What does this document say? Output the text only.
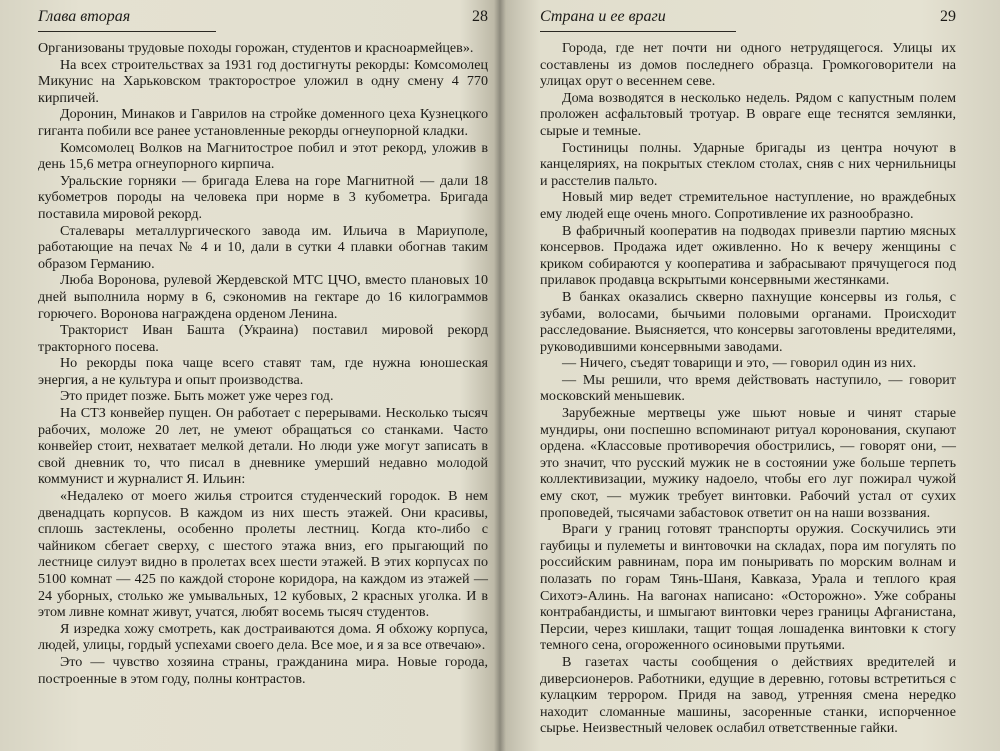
Глава вторая	28

Организованы трудовые походы горожан, студентов и красноармейцев».

На всех строительствах за 1931 год достигнуты рекорды: Комсомолец Микунис на Харьковском тракторострое уложил в одну смену 4 770 кирпичей.

Доронин, Минаков и Гаврилов на стройке доменного цеха Кузнецкого гиганта побили все ранее установленные рекорды огнеупорной кладки.

Комсомолец Волков на Магнитострое побил и этот рекорд, уложив в день 15,6 метра огнеупорного кирпича.

Уральские горняки — бригада Елева на горе Магнитной — дали 18 кубометров породы на человека при норме в 3 кубометра. Бригада поставила мировой рекорд.

Сталевары металлургического завода им. Ильича в Мариуполе, работающие на печах № 4 и 10, дали в сутки 4 плавки обогнав таким образом Германию.

Люба Воронова, рулевой Жердевской МТС ЦЧО, вместо плановых 10 дней выполнила норму в 6, сэкономив на гектаре до 16 килограммов горючего. Воронова награждена орденом Ленина.

Тракторист Иван Башта (Украина) поставил мировой рекорд тракторного посева.

Но рекорды пока чаще всего ставят там, где нужна юношеская энергия, а не культура и опыт производства.

Это придет позже. Быть может уже через год.

На СТЗ конвейер пущен. Он работает с перерывами. Несколько тысяч рабочих, моложе 20 лет, не умеют обращаться со станками. Часто конвейер стоит, нехватает мелкой детали. Но люди уже могут записать в свой дневник то, что писал в дневнике умерший недавно молодой коммунист и журналист Я. Ильин:

«Недалеко от моего жилья строится студенческий городок. В нем двенадцать корпусов. В каждом из них шесть этажей. Они красивы, сплошь застеклены, особенно пролеты лестниц. Когда кто-либо с чайником сбегает сверху, с шестого этажа вниз, его прыгающий по лестнице силуэт видно в пролетах всех шести этажей. В этих корпусах по 5100 комнат — 425 по каждой стороне коридора, на каждом из этажей — 24 уборных, столько же умывальных, 12 кубовых, 2 красных уголка. И в этом ливне комнат живут, учатся, любят восемь тысяч студентов.

Я изредка хожу смотреть, как достраиваются дома. Я обхожу корпуса, людей, улицы, гордый успехами своего дела. Все мое, и я за все отвечаю».

Это — чувство хозяина страны, гражданина мира. Новые города, построенные в этом году, полны контрастов.

Страна и ее враги	29

Города, где нет почти ни одного нетрудящегося. Улицы их составлены из домов последнего образца. Громкоговорители на улицах орут о весеннем севе.

Дома возводятся в несколько недель. Рядом с капустным полем проложен асфальтовый тротуар. В овраге еще теснятся землянки, сырые и темные.

Гостиницы полны. Ударные бригады из центра ночуют в канцеляриях, на покрытых стеклом столах, сняв с них чернильницы и расстелив пальто.

Новый мир ведет стремительное наступление, но враждебных ему людей еще очень много. Сопротивление их разнообразно.

В фабричный кооператив на подводах привезли партию мясных консервов. Продажа идет оживленно. Но к вечеру женщины с криком собираются у кооператива и забрасывают прячущегося под прилавок продавца вскрытыми консервными жестянками.

В банках оказались скверно пахнущие консервы из голья, с зубами, волосами, бычьими половыми органами. Происходит расследование. Выясняется, что консервы заготовлены вредителями, руководившими консервными заводами.

— Ничего, съедят товарищи и это, — говорил один из них.

— Мы решили, что время действовать наступило, — говорит московский меньшевик.

Зарубежные мертвецы уже шьют новые и чинят старые мундиры, они поспешно вспоминают ритуал коронования, скупают ордена. «Классовые противоречия обострились, — говорят они, — это значит, что русский мужик не в состоянии уже больше терпеть коллективизации, мужику надоело, чтобы его луг пожирал чужой ему скот, — мужик требует винтовки. Рабочий устал от сухих проповедей, тысячами забастовок ответит он на наши воззвания.

Враги у границ готовят транспорты оружия. Соскучились эти гаубицы и пулеметы и винтовочки на складах, пора им погулять по российским равнинам, пора им поныривать по морским волнам и полазать по горам Тянь-Шаня, Кавказа, Урала и теплого края Сихотэ-Алинь. На вагонах написано: «Осторожно». Уже собраны контрабандисты, и шмыгают винтовки через границы Афганистана, Персии, через кишлаки, тащит тощая лошаденка винтовки к стогу темного сена, огороженного осиновыми прутьями.

В газетах часты сообщения о действиях вредителей и диверсионеров. Работники, едущие в деревню, готовы встретиться с кулацким террором. Придя на завод, утренняя смена нередко находит сломанные машины, засоренные станки, испорченное сырье. Неизвестный человек ослабил ответственные гайки.
